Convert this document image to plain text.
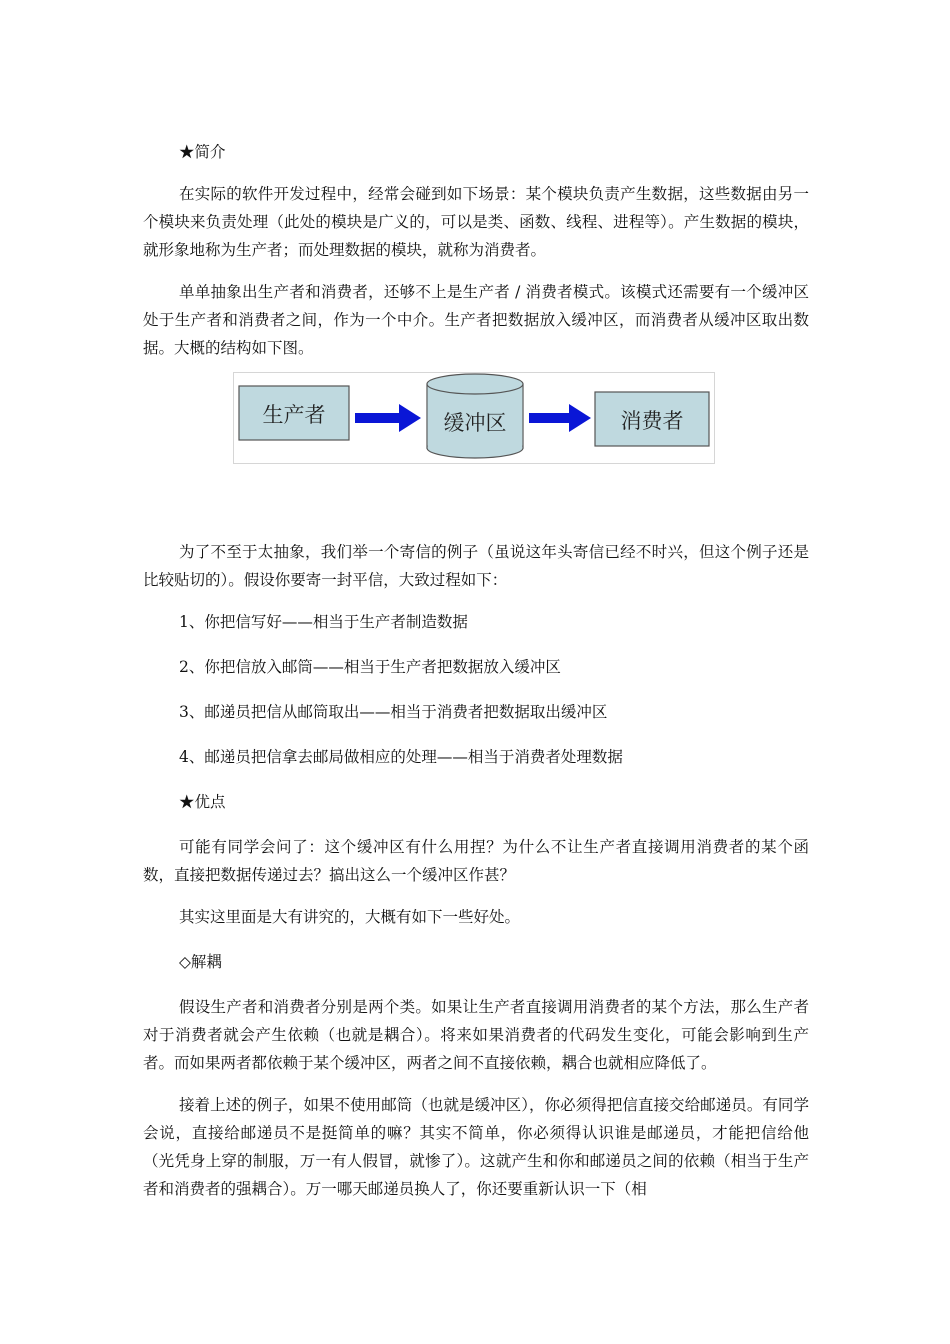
★简介

在实际的软件开发过程中，经常会碰到如下场景：某个模块负责产生数据，这些数据由另一个模块来负责处理（此处的模块是广义的，可以是类、函数、线程、进程等）。产生数据的模块，就形象地称为生产者；而处理数据的模块，就称为消费者。

单单抽象出生产者和消费者，还够不上是生产者 / 消费者模式。该模式还需要有一个缓冲区处于生产者和消费者之间，作为一个中介。生产者把数据放入缓冲区，而消费者从缓冲区取出数据。大概的结构如下图。

生产者	缓冲区	消费者

为了不至于太抽象，我们举一个寄信的例子（虽说这年头寄信已经不时兴，但这个例子还是比较贴切的）。假设你要寄一封平信，大致过程如下：

1、你把信写好——相当于生产者制造数据

2、你把信放入邮筒——相当于生产者把数据放入缓冲区

3、邮递员把信从邮筒取出——相当于消费者把数据取出缓冲区

4、邮递员把信拿去邮局做相应的处理——相当于消费者处理数据

★优点

可能有同学会问了：这个缓冲区有什么用捏？为什么不让生产者直接调用消费者的某个函数，直接把数据传递过去？搞出这么一个缓冲区作甚？

其实这里面是大有讲究的，大概有如下一些好处。

◇解耦

假设生产者和消费者分别是两个类。如果让生产者直接调用消费者的某个方法，那么生产者对于消费者就会产生依赖（也就是耦合）。将来如果消费者的代码发生变化，可能会影响到生产者。而如果两者都依赖于某个缓冲区，两者之间不直接依赖，耦合也就相应降低了。

接着上述的例子，如果不使用邮筒（也就是缓冲区），你必须得把信直接交给邮递员。有同学会说，直接给邮递员不是挺简单的嘛？其实不简单，你必须得认识谁是邮递员，才能把信给他（光凭身上穿的制服，万一有人假冒，就惨了）。这就产生和你和邮递员之间的依赖（相当于生产者和消费者的强耦合）。万一哪天邮递员换人了，你还要重新认识一下（相
